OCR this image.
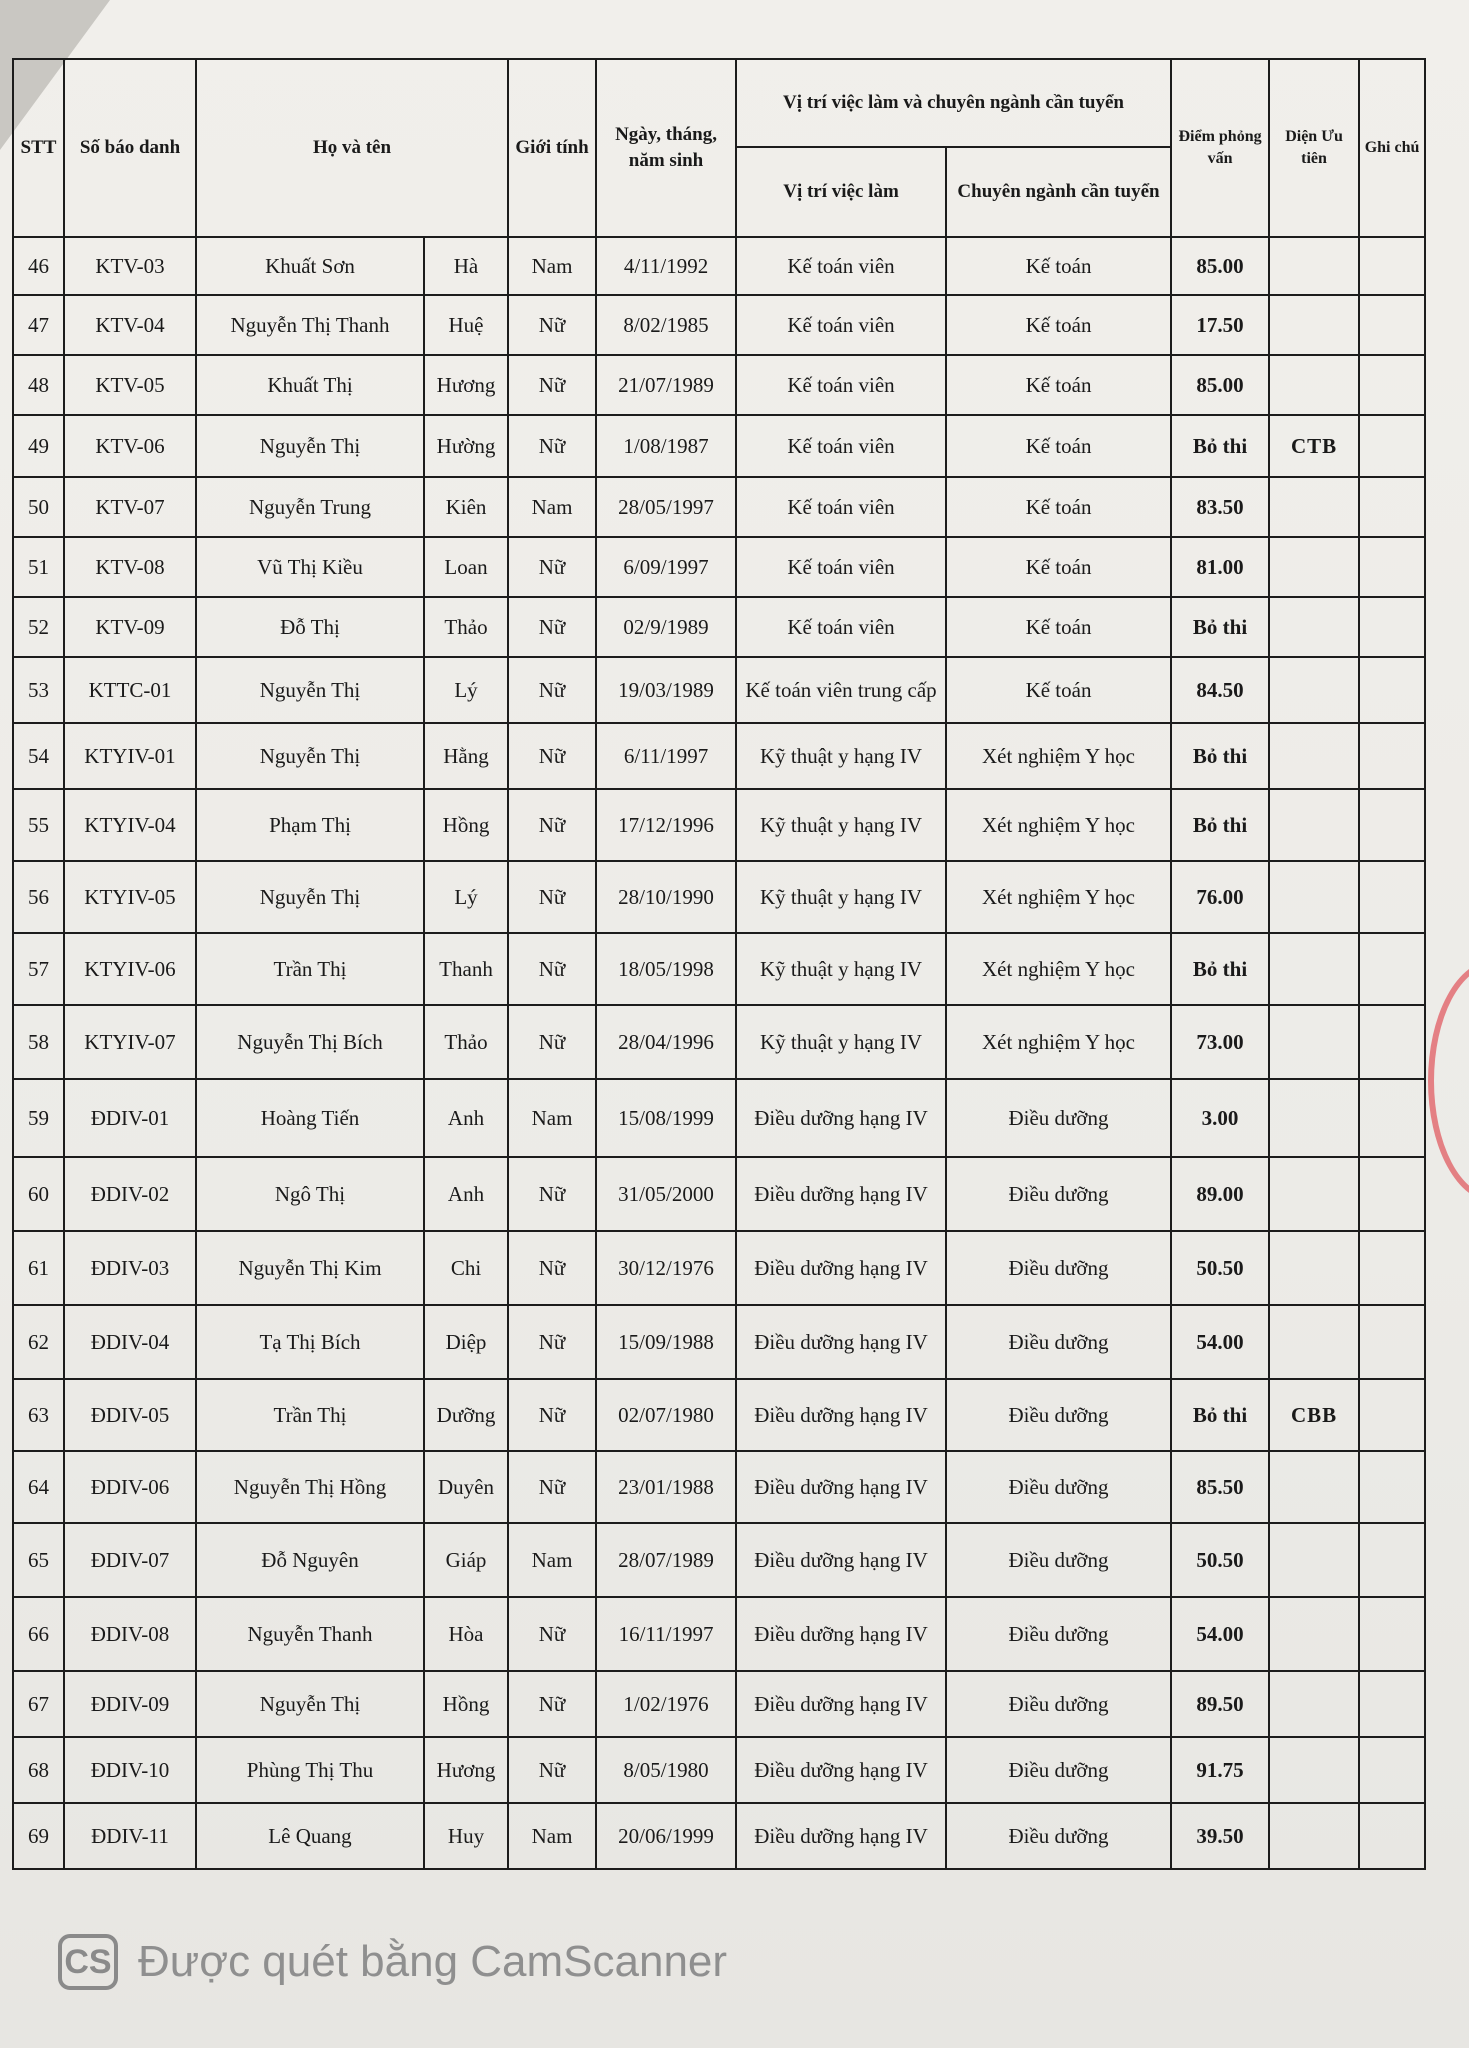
STT	Số báo danh	Họ và tên		Giới tính	Ngày, tháng, năm sinh	Vị trí việc làm và chuyên ngành cần tuyển		Điểm phỏng vấn	Diện Ưu tiên	Ghi chú
						Vị trí việc làm	Chuyên ngành cần tuyển			
46	KTV-03	Khuất Sơn	Hà	Nam	4/11/1992	Kế toán viên	Kế toán	85.00		
47	KTV-04	Nguyễn Thị Thanh	Huệ	Nữ	8/02/1985	Kế toán viên	Kế toán	17.50		
48	KTV-05	Khuất Thị	Hương	Nữ	21/07/1989	Kế toán viên	Kế toán	85.00		
49	KTV-06	Nguyễn Thị	Hường	Nữ	1/08/1987	Kế toán viên	Kế toán	Bỏ thi	CTB	
50	KTV-07	Nguyễn Trung	Kiên	Nam	28/05/1997	Kế toán viên	Kế toán	83.50		
51	KTV-08	Vũ Thị Kiều	Loan	Nữ	6/09/1997	Kế toán viên	Kế toán	81.00		
52	KTV-09	Đỗ Thị	Thảo	Nữ	02/9/1989	Kế toán viên	Kế toán	Bỏ thi		
53	KTTC-01	Nguyễn Thị	Lý	Nữ	19/03/1989	Kế toán viên trung cấp	Kế toán	84.50		
54	KTYIV-01	Nguyễn Thị	Hằng	Nữ	6/11/1997	Kỹ thuật y hạng IV	Xét nghiệm Y học	Bỏ thi		
55	KTYIV-04	Phạm Thị	Hồng	Nữ	17/12/1996	Kỹ thuật y hạng IV	Xét nghiệm Y học	Bỏ thi		
56	KTYIV-05	Nguyễn Thị	Lý	Nữ	28/10/1990	Kỹ thuật y hạng IV	Xét nghiệm Y học	76.00		
57	KTYIV-06	Trần Thị	Thanh	Nữ	18/05/1998	Kỹ thuật y hạng IV	Xét nghiệm Y học	Bỏ thi		
58	KTYIV-07	Nguyễn Thị Bích	Thảo	Nữ	28/04/1996	Kỹ thuật y hạng IV	Xét nghiệm Y học	73.00		
59	ĐDIV-01	Hoàng Tiến	Anh	Nam	15/08/1999	Điều dưỡng hạng IV	Điều dưỡng	3.00		
60	ĐDIV-02	Ngô Thị	Anh	Nữ	31/05/2000	Điều dưỡng hạng IV	Điều dưỡng	89.00		
61	ĐDIV-03	Nguyễn Thị Kim	Chi	Nữ	30/12/1976	Điều dưỡng hạng IV	Điều dưỡng	50.50		
62	ĐDIV-04	Tạ Thị Bích	Diệp	Nữ	15/09/1988	Điều dưỡng hạng IV	Điều dưỡng	54.00		
63	ĐDIV-05	Trần Thị	Dưỡng	Nữ	02/07/1980	Điều dưỡng hạng IV	Điều dưỡng	Bỏ thi	CBB	
64	ĐDIV-06	Nguyễn Thị Hồng	Duyên	Nữ	23/01/1988	Điều dưỡng hạng IV	Điều dưỡng	85.50		
65	ĐDIV-07	Đỗ Nguyên	Giáp	Nam	28/07/1989	Điều dưỡng hạng IV	Điều dưỡng	50.50		
66	ĐDIV-08	Nguyễn Thanh	Hòa	Nữ	16/11/1997	Điều dưỡng hạng IV	Điều dưỡng	54.00		
67	ĐDIV-09	Nguyễn Thị	Hồng	Nữ	1/02/1976	Điều dưỡng hạng IV	Điều dưỡng	89.50		
68	ĐDIV-10	Phùng Thị Thu	Hương	Nữ	8/05/1980	Điều dưỡng hạng IV	Điều dưỡng	91.75		
69	ĐDIV-11	Lê Quang	Huy	Nam	20/06/1999	Điều dưỡng hạng IV	Điều dưỡng	39.50		
CS Được quét bằng CamScanner
